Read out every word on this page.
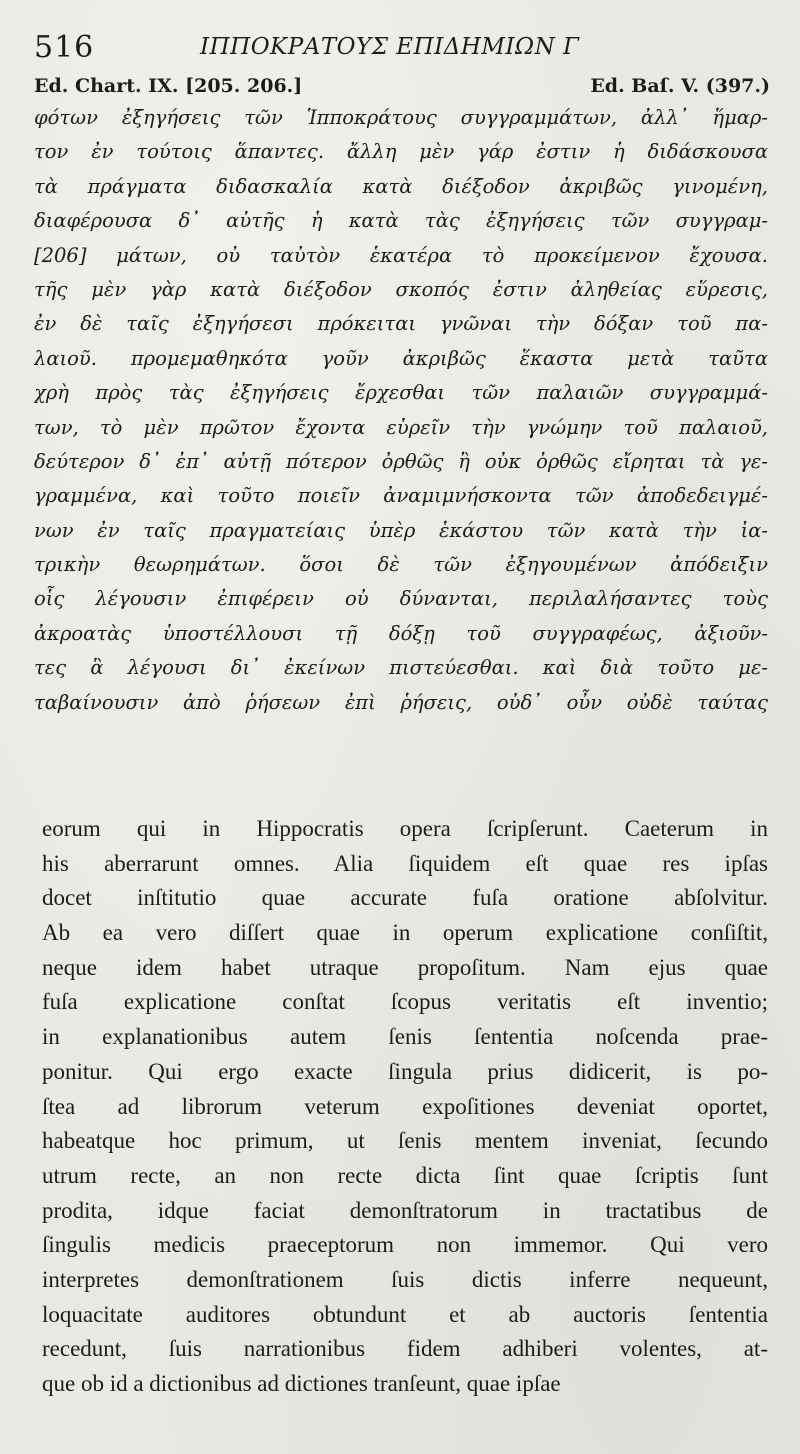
516	ΙΠΠΟΚΡΑΤΟΥΣ ΕΠΙΔΗΜΙΩΝ Γ
Ed. Chart. IX. [205. 206.]	Ed. Baſ. V. (397.)
φότων ἐξηγήσεις τῶν Ἱπποκράτους συγγραμμάτων, ἀλλ᾽ ἥμαρ-
τον ἐν τούτοις ἅπαντες. ἄλλη μὲν γάρ ἐστιν ἡ διδάσκουσα
τὰ πράγματα διδασκαλία κατὰ διέξοδον ἀκριβῶς γινομένη,
διαφέρουσα δ᾽ αὐτῆς ἡ κατὰ τὰς ἐξηγήσεις τῶν συγγραμ-
[206] μάτων, οὐ ταὐτὸν ἑκατέρα τὸ προκείμενον ἔχουσα.
τῆς μὲν γὰρ κατὰ διέξοδον σκοπός ἐστιν ἀληθείας εὕρεσις,
ἐν δὲ ταῖς ἐξηγήσεσι πρόκειται γνῶναι τὴν δόξαν τοῦ πα-
λαιοῦ. προμεμαθηκότα γοῦν ἀκριβῶς ἕκαστα μετὰ ταῦτα
χρὴ πρὸς τὰς ἐξηγήσεις ἔρχεσθαι τῶν παλαιῶν συγγραμμά-
των, τὸ μὲν πρῶτον ἔχοντα εὑρεῖν τὴν γνώμην τοῦ παλαιοῦ,
δεύτερον δ᾽ ἐπ᾽ αὐτῇ πότερον ὀρθῶς ἢ οὐκ ὀρθῶς εἴρηται τὰ γε-
γραμμένα, καὶ τοῦτο ποιεῖν ἀναμιμνήσκοντα τῶν ἀποδεδειγμέ-
νων ἐν ταῖς πραγματείαις ὑπὲρ ἑκάστου τῶν κατὰ τὴν ἰα-
τρικὴν θεωρημάτων. ὅσοι δὲ τῶν ἐξηγουμένων ἀπόδειξιν
οἷς λέγουσιν ἐπιφέρειν οὐ δύνανται, περιλαλήσαντες τοὺς
ἀκροατὰς ὑποστέλλουσι τῇ δόξῃ τοῦ συγγραφέως, ἀξιοῦν-
τες ἃ λέγουσι δι᾽ ἐκείνων πιστεύεσθαι. καὶ διὰ τοῦτο με-
ταβαίνουσιν ἀπὸ ῥήσεων ἐπὶ ῥήσεις, οὐδ᾽ οὖν οὐδὲ ταύτας
eorum qui in Hippocratis opera ſcripſerunt. Caeterum in
his aberrarunt omnes. Alia ſiquidem eſt quae res ipſas
docet inſtitutio quae accurate fuſa oratione abſolvitur.
Ab ea vero diſſert quae in operum explicatione conſiſtit,
neque idem habet utraque propoſitum. Nam ejus quae
fuſa explicatione conſtat ſcopus veritatis eſt inventio;
in explanationibus autem ſenis ſententia noſcenda prae-
ponitur. Qui ergo exacte ſingula prius didicerit, is po-
ſtea ad librorum veterum expoſitiones deveniat oportet,
habeatque hoc primum, ut ſenis mentem inveniat, ſecundo
utrum recte, an non recte dicta ſint quae ſcriptis ſunt
prodita, idque faciat demonſtratorum in tractatibus de
ſingulis medicis praeceptorum non immemor. Qui vero
interpretes demonſtrationem ſuis dictis inferre nequeunt,
loquacitate auditores obtundunt et ab auctoris ſententia
recedunt, ſuis narrationibus fidem adhiberi volentes, at-
que ob id a dictionibus ad dictiones tranſeunt, quae ipſae
